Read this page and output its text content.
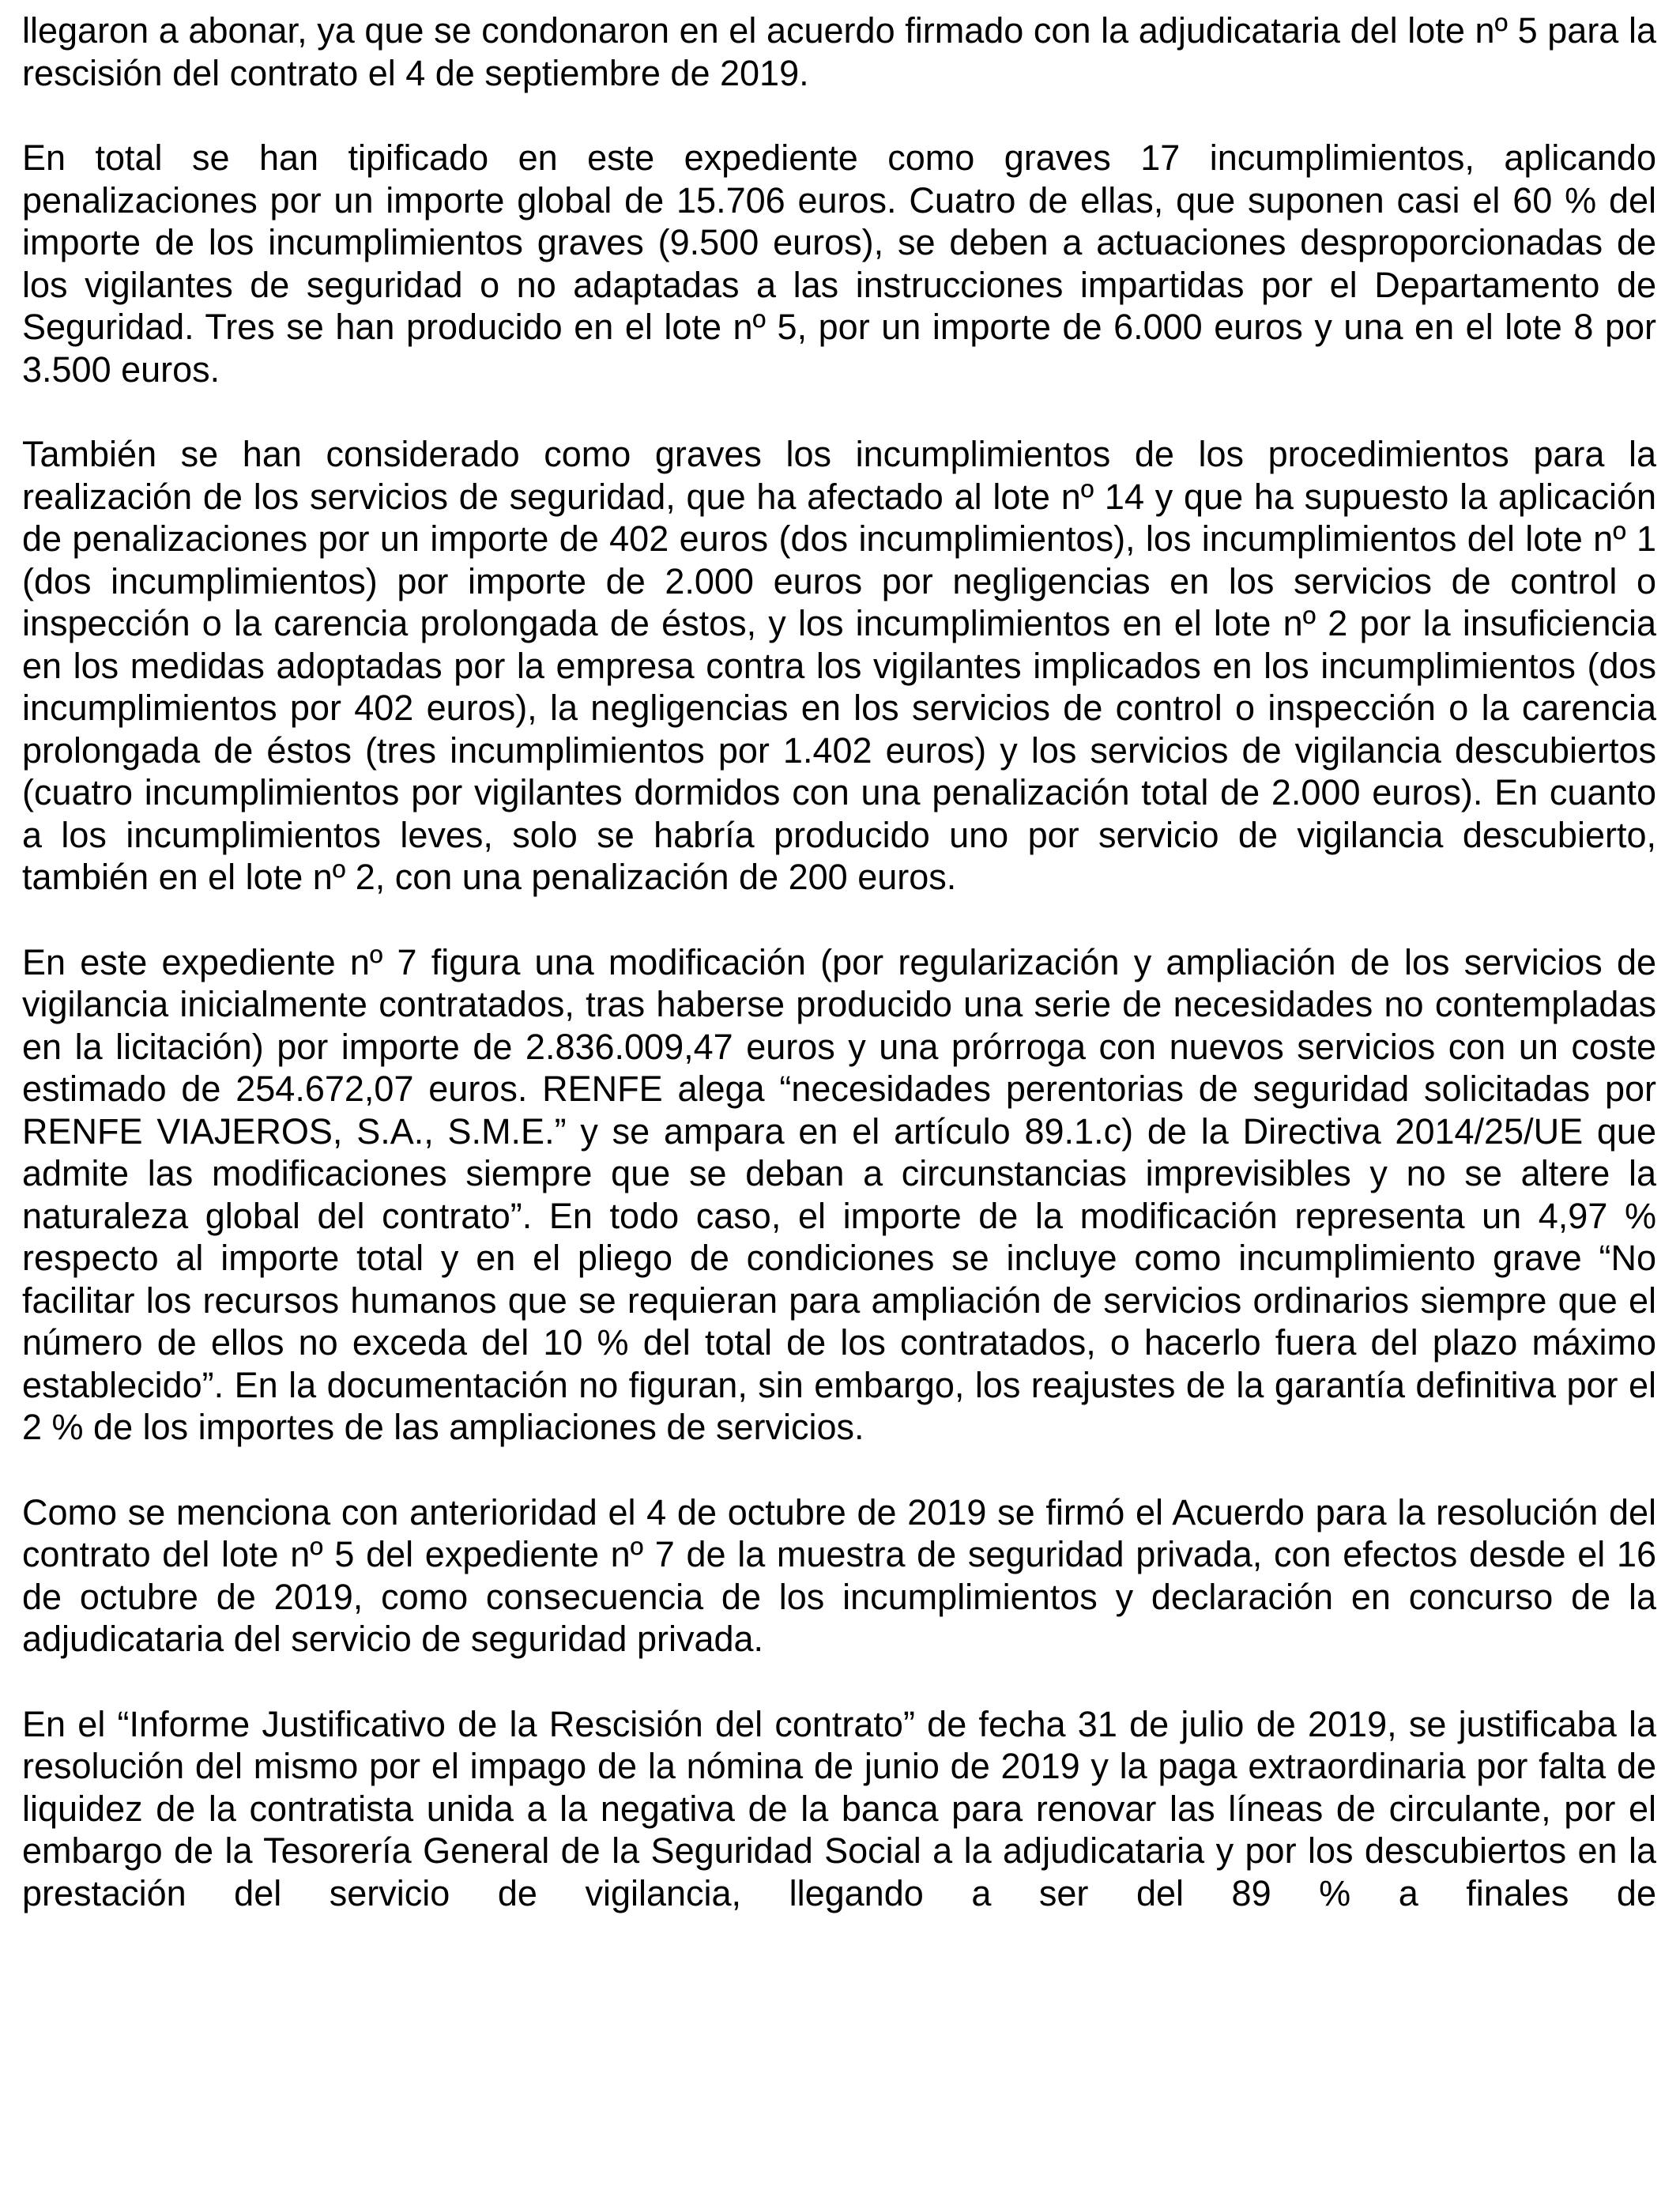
llegaron a abonar, ya que se condonaron en el acuerdo firmado con la adjudicataria del lote nº 5 para la rescisión del contrato el 4 de septiembre de 2019.

En total se han tipificado en este expediente como graves 17 incumplimientos, aplicando penalizaciones por un importe global de 15.706 euros. Cuatro de ellas, que suponen casi el 60 % del importe de los incumplimientos graves (9.500 euros), se deben a actuaciones desproporcionadas de los vigilantes de seguridad o no adaptadas a las instrucciones impartidas por el Departamento de Seguridad. Tres se han producido en el lote nº 5, por un importe de 6.000 euros y una en el lote 8 por 3.500 euros.

También se han considerado como graves los incumplimientos de los procedimientos para la realización de los servicios de seguridad, que ha afectado al lote nº 14 y que ha supuesto la aplicación de penalizaciones por un importe de 402 euros (dos incumplimientos), los incumplimientos del lote nº 1 (dos incumplimientos) por importe de 2.000 euros por negligencias en los servicios de control o inspección o la carencia prolongada de éstos, y los incumplimientos en el lote nº 2 por la insuficiencia en los medidas adoptadas por la empresa contra los vigilantes implicados en los incumplimientos (dos incumplimientos por 402 euros), la negligencias en los servicios de control o inspección o la carencia prolongada de éstos (tres incumplimientos por 1.402 euros) y los servicios de vigilancia descubiertos (cuatro incumplimientos por vigilantes dormidos con una penalización total de 2.000 euros). En cuanto a los incumplimientos leves, solo se habría producido uno por servicio de vigilancia descubierto, también en el lote nº 2, con una penalización de 200 euros.

En este expediente nº 7 figura una modificación (por regularización y ampliación de los servicios de vigilancia inicialmente contratados, tras haberse producido una serie de necesidades no contempladas en la licitación) por importe de 2.836.009,47 euros y una prórroga con nuevos servicios con un coste estimado de 254.672,07 euros. RENFE alega “necesidades perentorias de seguridad solicitadas por RENFE VIAJEROS, S.A., S.M.E.” y se ampara en el artículo 89.1.c) de la Directiva 2014/25/UE que admite las modificaciones siempre que se deban a circunstancias imprevisibles y no se altere la naturaleza global del contrato”. En todo caso, el importe de la modificación representa un 4,97 % respecto al importe total y en el pliego de condiciones se incluye como incumplimiento grave “No facilitar los recursos humanos que se requieran para ampliación de servicios ordinarios siempre que el número de ellos no exceda del 10 % del total de los contratados, o hacerlo fuera del plazo máximo establecido”. En la documentación no figuran, sin embargo, los reajustes de la garantía definitiva por el 2 % de los importes de las ampliaciones de servicios.

Como se menciona con anterioridad el 4 de octubre de 2019 se firmó el Acuerdo para la resolución del contrato del lote nº 5 del expediente nº 7 de la muestra de seguridad privada, con efectos desde el 16 de octubre de 2019, como consecuencia de los incumplimientos y declaración en concurso de la adjudicataria del servicio de seguridad privada.

En el “Informe Justificativo de la Rescisión del contrato” de fecha 31 de julio de 2019, se justificaba la resolución del mismo por el impago de la nómina de junio de 2019 y la paga extraordinaria por falta de liquidez de la contratista unida a la negativa de la banca para renovar las líneas de circulante, por el embargo de la Tesorería General de la Seguridad Social a la adjudicataria y por los descubiertos en la prestación del servicio de vigilancia, llegando a ser del 89 % a finales de
